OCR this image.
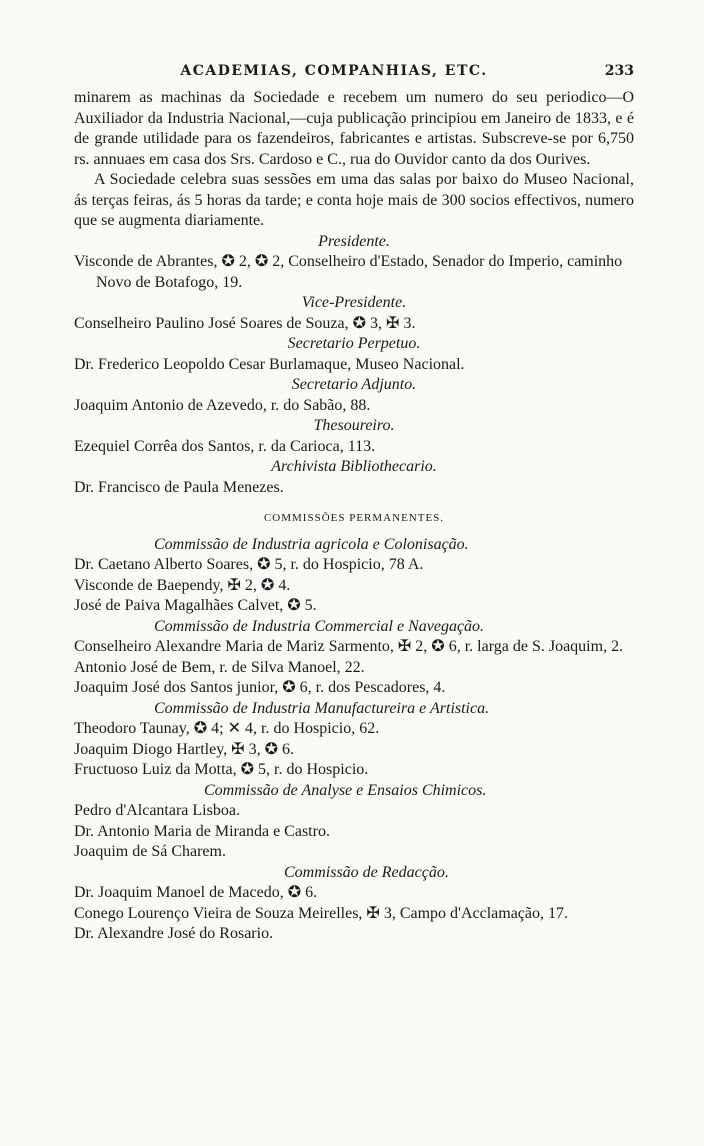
ACADEMIAS, COMPANHIAS, ETC.	233
minarem as machinas da Sociedade e recebem um numero do seu periodico—O Auxiliador da Industria Nacional,—cuja publicação principiou em Janeiro de 1833, e é de grande utilidade para os fazendeiros, fabricantes e artistas. Subscreve-se por 6,750 rs. annuaes em casa dos Srs. Cardoso e C., rua do Ouvidor canto da dos Ourives.
A Sociedade celebra suas sessões em uma das salas por baixo do Museo Nacional, ás terças feiras, ás 5 horas da tarde; e conta hoje mais de 300 socios effectivos, numero que se augmenta diariamente.
Presidente.
Visconde de Abrantes, ✪ 2, ✪ 2, Conselheiro d'Estado, Senador do Imperio, caminho Novo de Botafogo, 19.
Vice-Presidente.
Conselheiro Paulino José Soares de Souza, ✪ 3, ✠ 3.
Secretario Perpetuo.
Dr. Frederico Leopoldo Cesar Burlamaque, Museo Nacional.
Secretario Adjunto.
Joaquim Antonio de Azevedo, r. do Sabão, 88.
Thesoureiro.
Ezequiel Corrêa dos Santos, r. da Carioca, 113.
Archivista Bibliothecario.
Dr. Francisco de Paula Menezes.
COMMISSÕES PERMANENTES.
Commissão de Industria agricola e Colonisação.
Dr. Caetano Alberto Soares, ✪ 5, r. do Hospicio, 78 A.
Visconde de Baependy, ✠ 2, ✪ 4.
José de Paiva Magalhães Calvet, ✪ 5.
Commissão de Industria Commercial e Navegação.
Conselheiro Alexandre Maria de Mariz Sarmento, ✠ 2, ✪ 6, r. larga de S. Joaquim, 2.
Antonio José de Bem, r. de Silva Manoel, 22.
Joaquim José dos Santos junior, ✪ 6, r. dos Pescadores, 4.
Commissão de Industria Manufactureira e Artistica.
Theodoro Taunay, ✪ 4; ✕ 4, r. do Hospicio, 62.
Joaquim Diogo Hartley, ✠ 3, ✪ 6.
Fructuoso Luiz da Motta, ✪ 5, r. do Hospicio.
Commissão de Analyse e Ensaios Chimicos.
Pedro d'Alcantara Lisboa.
Dr. Antonio Maria de Miranda e Castro.
Joaquim de Sá Charem.
Commissão de Redacção.
Dr. Joaquim Manoel de Macedo, ✪ 6.
Conego Lourenço Vieira de Souza Meirelles, ✠ 3, Campo d'Acclamação, 17.
Dr. Alexandre José do Rosario.
